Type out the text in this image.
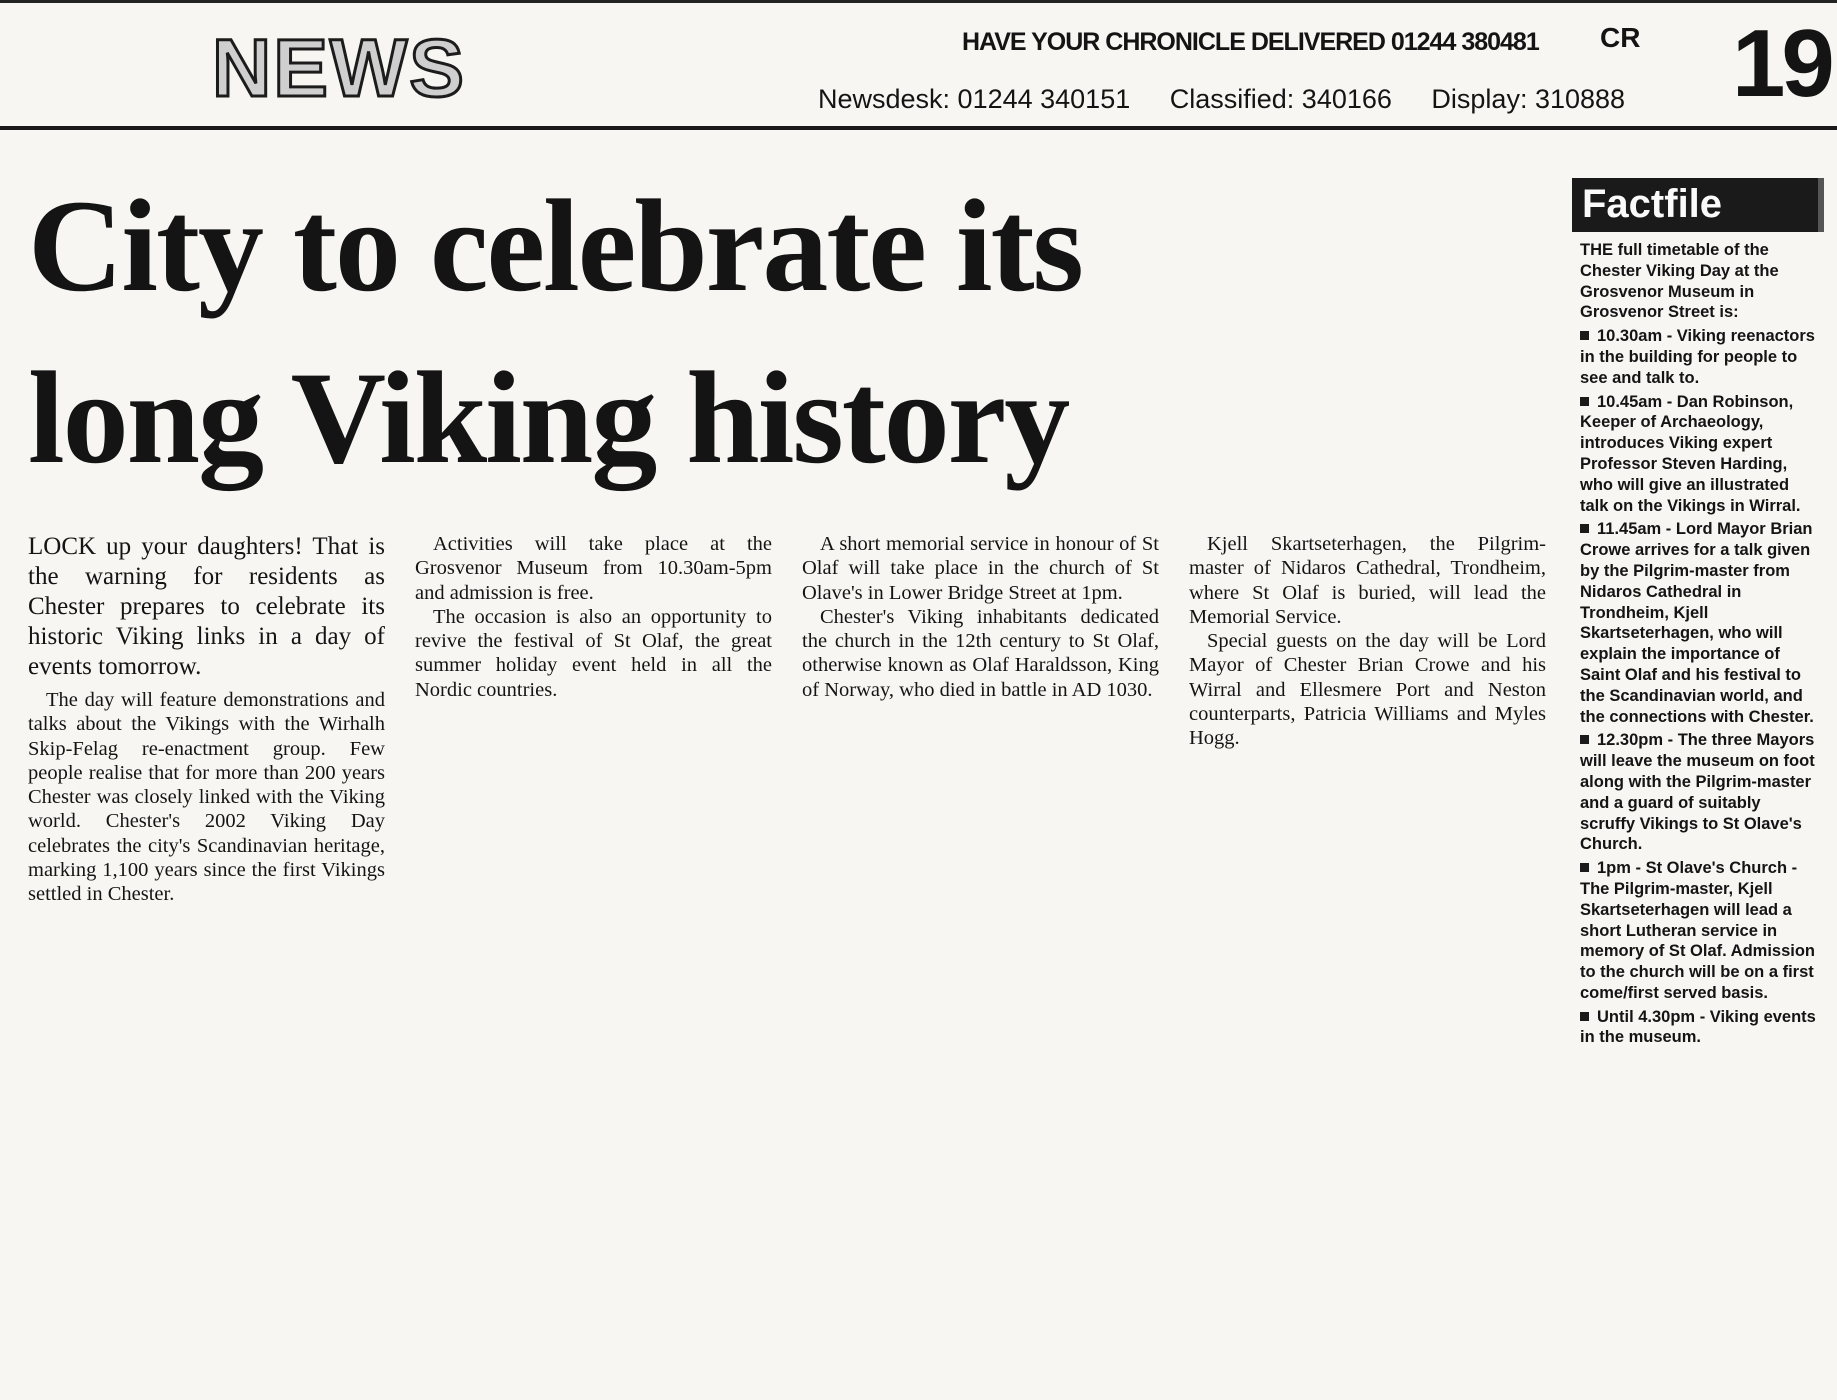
NEWS	HAVE YOUR CHRONICLE DELIVERED 01244 380481 CR 19
Newsdesk: 01244 340151 Classified: 340166 Display: 310888
City to celebrate its
long Viking history

LOCK up your daughters! That is the warning for residents as Chester prepares to celebrate its historic Viking links in a day of events tomorrow.

The day will feature demonstrations and talks about the Vikings with the Wirhalh Skip-Felag re-enactment group. Few people realise that for more than 200 years Chester was closely linked with the Viking world. Chester's 2002 Viking Day celebrates the city's Scandinavian heritage, marking 1,100 years since the first Vikings settled in Chester.

Activities will take place at the Grosvenor Museum from 10.30am-5pm and admission is free.

The occasion is also an opportunity to revive the festival of St Olaf, the great summer holiday event held in all the Nordic countries.

A short memorial service in honour of St Olaf will take place in the church of St Olave's in Lower Bridge Street at 1pm.

Chester's Viking inhabitants dedicated the church in the 12th century to St Olaf, otherwise known as Olaf Haraldsson, King of Norway, who died in battle in AD 1030.

Kjell Skartseterhagen, the Pilgrim-master of Nidaros Cathedral, Trondheim, where St Olaf is buried, will lead the Memorial Service.

Special guests on the day will be Lord Mayor of Chester Brian Crowe and his Wirral and Ellesmere Port and Neston counterparts, Patricia Williams and Myles Hogg.

Factfile
THE full timetable of the Chester Viking Day at the Grosvenor Museum in Grosvenor Street is:
10.30am - Viking reenactors in the building for people to see and talk to.
10.45am - Dan Robinson, Keeper of Archaeology, introduces Viking expert Professor Steven Harding, who will give an illustrated talk on the Vikings in Wirral.
11.45am - Lord Mayor Brian Crowe arrives for a talk given by the Pilgrim-master from Nidaros Cathedral in Trondheim, Kjell Skartseterhagen, who will explain the importance of Saint Olaf and his festival to the Scandinavian world, and the connections with Chester.
12.30pm - The three Mayors will leave the museum on foot along with the Pilgrim-master and a guard of suitably scruffy Vikings to St Olave's Church.
1pm - St Olave's Church - The Pilgrim-master, Kjell Skartseterhagen will lead a short Lutheran service in memory of St Olaf. Admission to the church will be on a first come/first served basis.
Until 4.30pm - Viking events in the museum.
